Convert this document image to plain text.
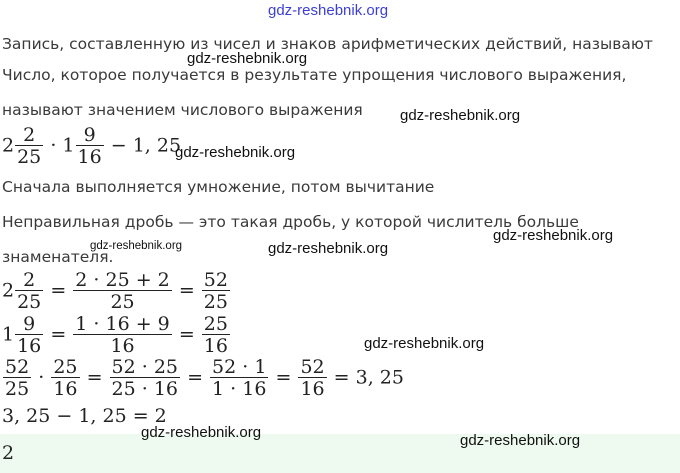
gdz-reshebnik.org
Запись, составленную из чисел и знаков арифметических действий, называют
gdz-reshebnik.org
Число, которое получается в результате упрощения числового выражения,
называют значением числового выражения gdz-reshebnik.org
$2 \frac{2}{25} \cdot 1 \frac{9}{16} - 1$, 25
gdz-reshebnik.org
Сначала выполняется умножение, потом вычитание
Неправильная дробь — это такая дробь, у которой числитель больше
gdz-reshebnik.org
gdz-reshebnik.org	gdz-reshebnik.org
знаменателя.
$2 \frac{2}{25} = \frac{2 \cdot 25 + 2}{25} = \frac{52}{25}$
$1 \frac{9}{16} = \frac{1 \cdot 16 + 9}{16} = \frac{25}{16}$	gdz-reshebnik.org
$\frac{52}{25} \cdot \frac{25}{16} = \frac{52 \cdot 25}{25 \cdot 16} = \frac{52 \cdot 1}{1 \cdot 16} = \frac{52}{16} = 3$, 25
3, 25 − 1, 25 = 2
2
gdz-reshebnik.org	gdz-reshebnik.org
